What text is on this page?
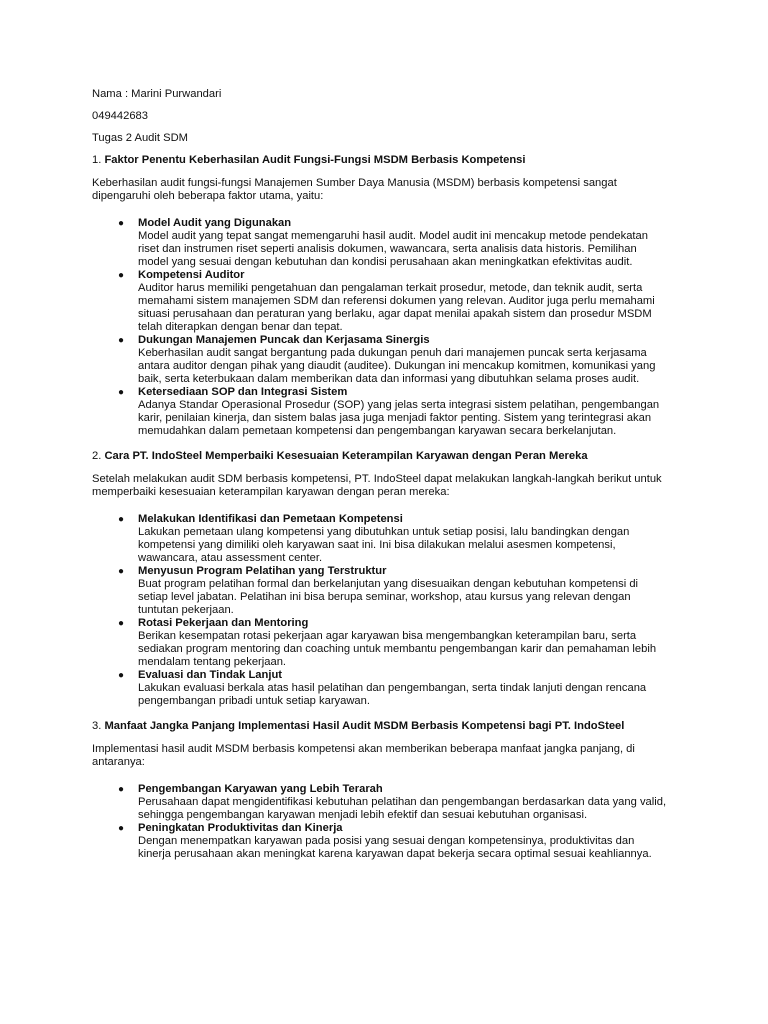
Nama : Marini Purwandari

049442683

Tugas 2 Audit SDM

1. Faktor Penentu Keberhasilan Audit Fungsi-Fungsi MSDM Berbasis Kompetensi

Keberhasilan audit fungsi-fungsi Manajemen Sumber Daya Manusia (MSDM) berbasis kompetensi sangat dipengaruhi oleh beberapa faktor utama, yaitu:

● Model Audit yang Digunakan
Model audit yang tepat sangat memengaruhi hasil audit. Model audit ini mencakup metode pendekatan riset dan instrumen riset seperti analisis dokumen, wawancara, serta analisis data historis. Pemilihan model yang sesuai dengan kebutuhan dan kondisi perusahaan akan meningkatkan efektivitas audit.
● Kompetensi Auditor
Auditor harus memiliki pengetahuan dan pengalaman terkait prosedur, metode, dan teknik audit, serta memahami sistem manajemen SDM dan referensi dokumen yang relevan. Auditor juga perlu memahami situasi perusahaan dan peraturan yang berlaku, agar dapat menilai apakah sistem dan prosedur MSDM telah diterapkan dengan benar dan tepat.
● Dukungan Manajemen Puncak dan Kerjasama Sinergis
Keberhasilan audit sangat bergantung pada dukungan penuh dari manajemen puncak serta kerjasama antara auditor dengan pihak yang diaudit (auditee). Dukungan ini mencakup komitmen, komunikasi yang baik, serta keterbukaan dalam memberikan data dan informasi yang dibutuhkan selama proses audit.
● Ketersediaan SOP dan Integrasi Sistem
Adanya Standar Operasional Prosedur (SOP) yang jelas serta integrasi sistem pelatihan, pengembangan karir, penilaian kinerja, dan sistem balas jasa juga menjadi faktor penting. Sistem yang terintegrasi akan memudahkan dalam pemetaan kompetensi dan pengembangan karyawan secara berkelanjutan.

2. Cara PT. IndoSteel Memperbaiki Kesesuaian Keterampilan Karyawan dengan Peran Mereka

Setelah melakukan audit SDM berbasis kompetensi, PT. IndoSteel dapat melakukan langkah-langkah berikut untuk memperbaiki kesesuaian keterampilan karyawan dengan peran mereka:

● Melakukan Identifikasi dan Pemetaan Kompetensi
Lakukan pemetaan ulang kompetensi yang dibutuhkan untuk setiap posisi, lalu bandingkan dengan kompetensi yang dimiliki oleh karyawan saat ini. Ini bisa dilakukan melalui asesmen kompetensi, wawancara, atau assessment center.
● Menyusun Program Pelatihan yang Terstruktur
Buat program pelatihan formal dan berkelanjutan yang disesuaikan dengan kebutuhan kompetensi di setiap level jabatan. Pelatihan ini bisa berupa seminar, workshop, atau kursus yang relevan dengan tuntutan pekerjaan.
● Rotasi Pekerjaan dan Mentoring
Berikan kesempatan rotasi pekerjaan agar karyawan bisa mengembangkan keterampilan baru, serta sediakan program mentoring dan coaching untuk membantu pengembangan karir dan pemahaman lebih mendalam tentang pekerjaan.
● Evaluasi dan Tindak Lanjut
Lakukan evaluasi berkala atas hasil pelatihan dan pengembangan, serta tindak lanjuti dengan rencana pengembangan pribadi untuk setiap karyawan.

3. Manfaat Jangka Panjang Implementasi Hasil Audit MSDM Berbasis Kompetensi bagi PT. IndoSteel

Implementasi hasil audit MSDM berbasis kompetensi akan memberikan beberapa manfaat jangka panjang, di antaranya:

● Pengembangan Karyawan yang Lebih Terarah
Perusahaan dapat mengidentifikasi kebutuhan pelatihan dan pengembangan berdasarkan data yang valid, sehingga pengembangan karyawan menjadi lebih efektif dan sesuai kebutuhan organisasi.
● Peningkatan Produktivitas dan Kinerja
Dengan menempatkan karyawan pada posisi yang sesuai dengan kompetensinya, produktivitas dan kinerja perusahaan akan meningkat karena karyawan dapat bekerja secara optimal sesuai keahliannya.
